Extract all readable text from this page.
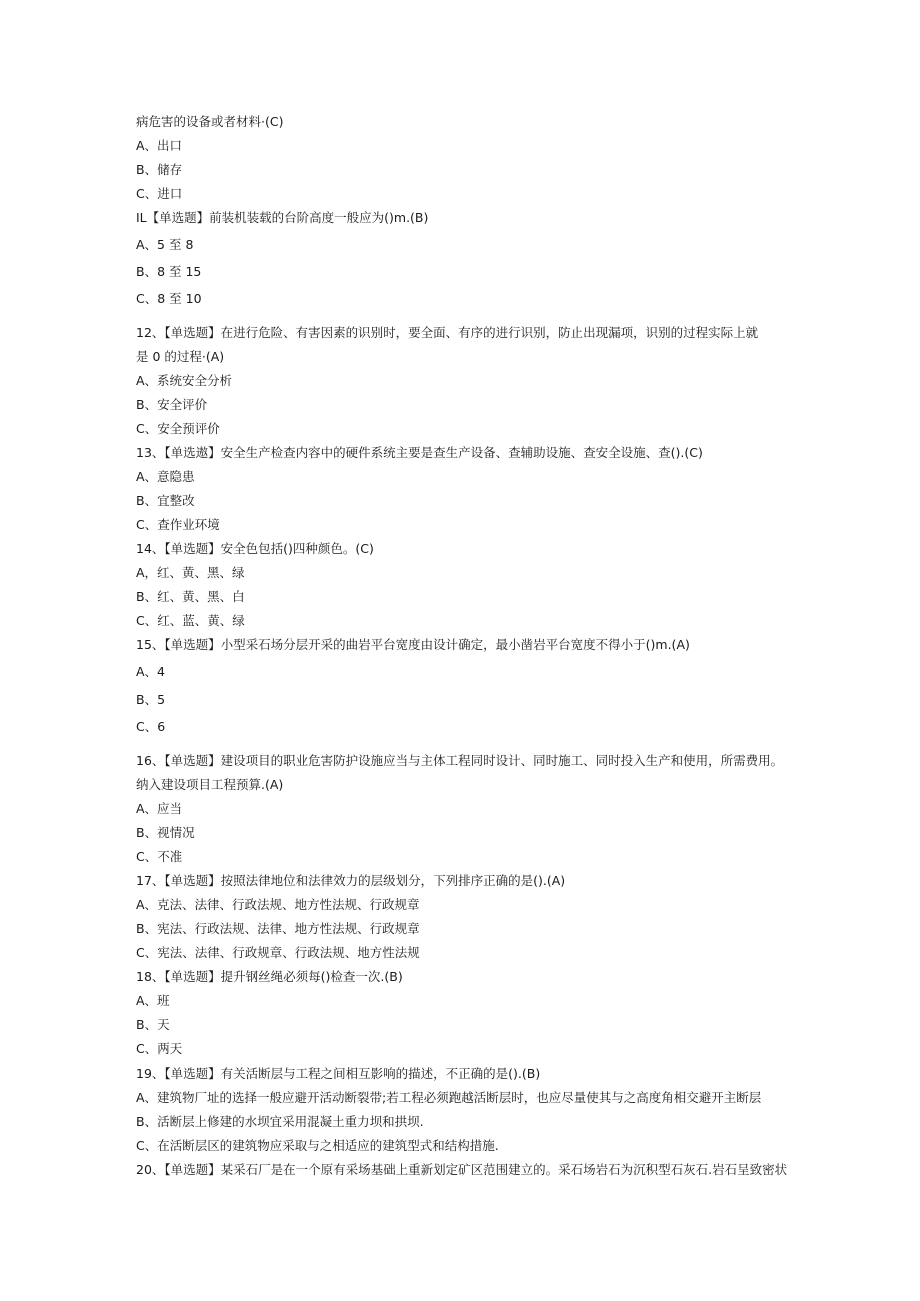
病危害的设备或者材料·(C)
A、出口
B、储存
C、进口
IL【单选题】前装机装载的台阶高度一般应为()m.(B)
A、5 至 8
B、8 至 15
C、8 至 10
12、【单选题】在进行危险、有害因素的识别时，要全面、有序的进行识别，防止出现漏项，识别的过程实际上就
是 0 的过程·(A)
A、系统安全分析
B、安全评价
C、安全预评价
13、【单选遨】安全生产检查内容中的硬件系统主要是查生产设备、查辅助设施、查安全设施、查().(C)
A、意隐患
B、宜整改
C、查作业环境
14、【单选题】安全色包括()四种颜色。(C)
A，红、黄、黑、绿
B、红、黄、黑、白
C、红、蓝、黄、绿
15、【单选题】小型采石场分层开采的曲岩平台宽度由设计确定，最小凿岩平台宽度不得小于()m.(A)
A、4
B、5
C、6
16、【单选题】建设项目的职业危害防护设施应当与主体工程同时设计、同时施工、同时投入生产和使用，所需费用。
纳入建设项目工程预算.(A)
A、应当
B、视情况
C、不准
17、【单选题】按照法律地位和法律效力的层级划分，下列排序正确的是().(A)
A、克法、法律、行政法规、地方性法规、行政规章
B、宪法、行政法规、法律、地方性法规、行政规章
C、宪法、法律、行政规章、行政法规、地方性法规
18、【单选题】提升钢丝绳必须每()检查一次.(B)
A、班
B、天
C、两天
19、【单选题】有关活断层与工程之间相互影响的描述，不正确的是().(B)
A、建筑物厂址的选择一般应避开活动断裂带;若工程必须跑越活断层时，也应尽量使其与之高度角相交避开主断层
B、活断层上修建的水坝宜采用混凝土重力坝和拱坝.
C、在活断层区的建筑物应采取与之相适应的建筑型式和结构措施.
20、【单选题】某采石厂是在一个原有采场基础上重新划定矿区范围建立的。采石场岩石为沉积型石灰石.岩石呈致密状
